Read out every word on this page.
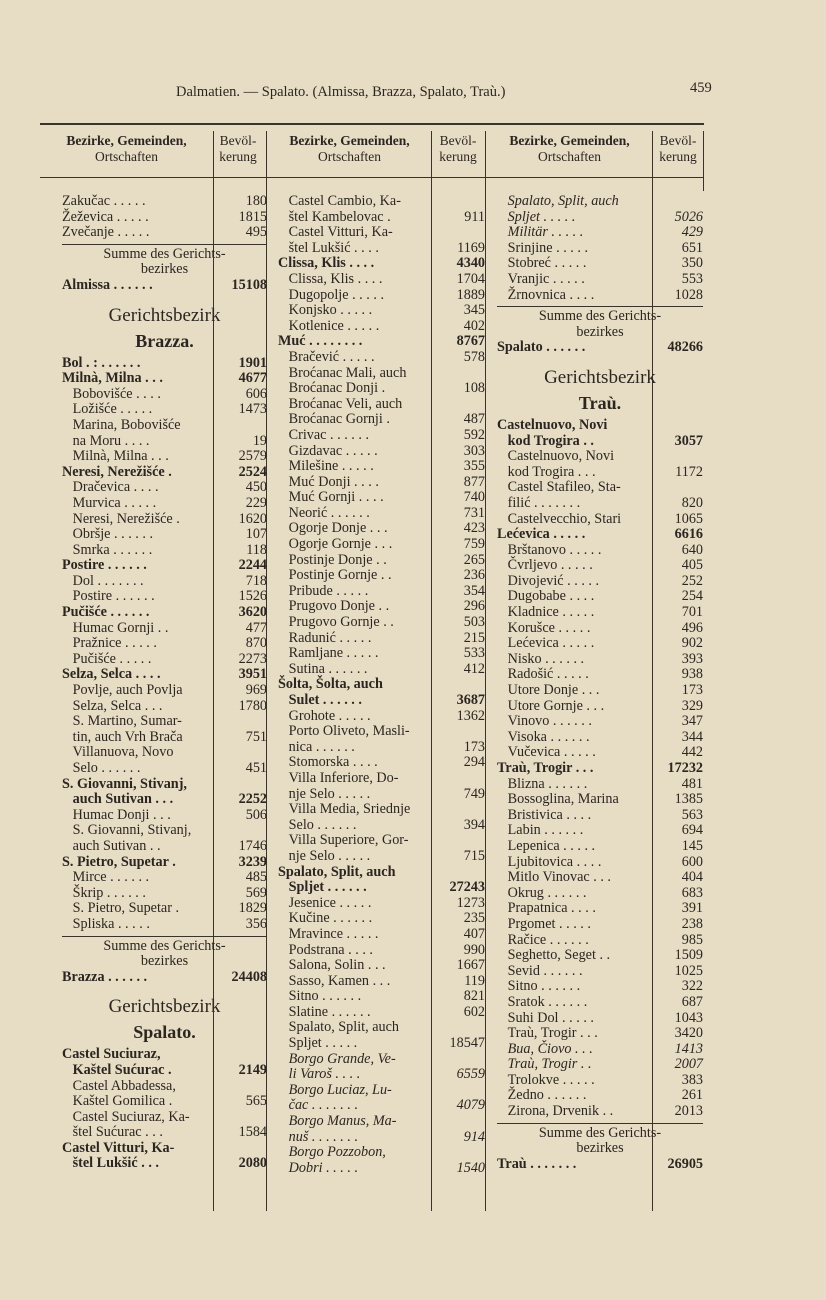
Dalmatien. — Spalato. (Almissa, Brazza, Spalato, Traù.)	459
Bezirke, Gemeinden,
Ortschaften
Bevöl-
kerung
Bezirke, Gemeinden,
Ortschaften
Bevöl-
kerung
Bezirke, Gemeinden,
Ortschaften
Bevöl-
kerung
Zakučac . . . . .	180
Žeževica . . . . .	1815
Zvečanje . . . . .	495
Summe des Gerichts-
bezirkes
Almissa . . . . . .	15108
Gerichtsbezirk
Brazza.
Bol . : . . . . . .	1901
Milnà, Milna . . .	4677
Bobovišće . . . .	606
Ložišće . . . . .	1473
Marina, Bobovišće
na Moru . . . .	19
Milnà, Milna . . .	2579
Neresi, Nerežišće .	2524
Dračevica . . . .	450
Murvica . . . . .	229
Neresi, Nerežišće .	1620
Obršje . . . . . .	107
Smrka . . . . . .	118
Postire . . . . . .	2244
Dol . . . . . . .	718
Postire . . . . . .	1526
Pučišće . . . . . .	3620
Humac Gornji . .	477
Pražnice . . . . .	870
Pučišće . . . . .	2273
Selza, Selca . . . .	3951
Povlje, auch Povlja	969
Selza, Selca . . .	1780
S. Martino, Sumar-
tin, auch Vrh Brača	751
Villanuova, Novo
Selo . . . . . .	451
S. Giovanni, Stivanj,
auch Sutivan . . .	2252
Humac Donji . . .	506
S. Giovanni, Stivanj,
auch Sutivan . .	1746
S. Pietro, Supetar .	3239
Mirce . . . . . .	485
Škrip . . . . . .	569
S. Pietro, Supetar .	1829
Spliska . . . . .	356
Summe des Gerichts-
bezirkes
Brazza . . . . . .	24408
Gerichtsbezirk
Spalato.
Castel Suciuraz,
Kaštel Sućurac .	2149
Castel Abbadessa,
Kaštel Gomilica .	565
Castel Suciuraz, Ka-
štel Sućurac . . .	1584
Castel Vitturi, Ka-
štel Lukšić . . .	2080
Castel Cambio, Ka-
štel Kambelovac .	911
Castel Vitturi, Ka-
štel Lukšić . . . .	1169
Clissa, Klis . . . .	4340
Clissa, Klis . . . .	1704
Dugopolje . . . . .	1889
Konjsko . . . . .	345
Kotlenice . . . . .	402
Muć . . . . . . . .	8767
Bračević . . . . .	578
Broćanac Mali, auch
Broćanac Donji .	108
Broćanac Veli, auch
Broćanac Gornji .	487
Crivac . . . . . .	592
Gizdavac . . . . .	303
Milešine . . . . .	355
Muć Donji . . . .	877
Muć Gornji . . . .	740
Neorić . . . . . .	731
Ogorje Donje . . .	423
Ogorje Gornje . . .	759
Postinje Donje . .	265
Postinje Gornje . .	236
Pribude . . . . .	354
Prugovo Donje . .	296
Prugovo Gornje . .	503
Radunić . . . . .	215
Ramljane . . . . .	533
Sutina . . . . . .	412
Šolta, Šolta, auch
Sulet . . . . . .	3687
Grohote . . . . .	1362
Porto Oliveto, Masli-
nica . . . . . .	173
Stomorska . . . .	294
Villa Inferiore, Do-
nje Selo . . . . .	749
Villa Media, Sriednje
Selo . . . . . .	394
Villa Superiore, Gor-
nje Selo . . . . .	715
Spalato, Split, auch
Spljet . . . . . .	27243
Jesenice . . . . .	1273
Kučine . . . . . .	235
Mravince . . . . .	407
Podstrana . . . .	990
Salona, Solin . . .	1667
Sasso, Kamen . . .	119
Sitno . . . . . .	821
Slatine . . . . . .	602
Spalato, Split, auch
Spljet . . . . .	18547
Borgo Grande, Ve-
li Varoš . . . .	6559
Borgo Luciaz, Lu-
čac . . . . . . .	4079
Borgo Manus, Ma-
nuš . . . . . . .	914
Borgo Pozzobon,
Dobri . . . . .	1540
Spalato, Split, auch
Spljet . . . . .	5026
Militär . . . . .	429
Srinjine . . . . .	651
Stobreć . . . . .	350
Vranjic . . . . .	553
Žrnovnica . . . .	1028
Summe des Gerichts-
bezirkes
Spalato . . . . . .	48266
Gerichtsbezirk
Traù.
Castelnuovo, Novi
kod Trogira . .	3057
Castelnuovo, Novi
kod Trogira . . .	1172
Castel Stafileo, Sta-
filić . . . . . . .	820
Castelvecchio, Stari	1065
Lećevica . . . . .	6616
Brštanovo . . . . .	640
Čvrljevo . . . . .	405
Divojević . . . . .	252
Dugobabe . . . .	254
Kladnice . . . . .	701
Korušce . . . . .	496
Lećevica . . . . .	902
Nisko . . . . . .	393
Radošić . . . . .	938
Utore Donje . . .	173
Utore Gornje . . .	329
Vinovo . . . . . .	347
Visoka . . . . . .	344
Vučevica . . . . .	442
Traù, Trogir . . .	17232
Blizna . . . . . .	481
Bossoglina, Marina	1385
Bristivica . . . .	563
Labin . . . . . .	694
Lepenica . . . . .	145
Ljubitovica . . . .	600
Mitlo Vinovac . . .	404
Okrug . . . . . .	683
Prapatnica . . . .	391
Prgomet . . . . .	238
Račice . . . . . .	985
Seghetto, Seget . .	1509
Sevid . . . . . .	1025
Sitno . . . . . .	322
Sratok . . . . . .	687
Suhi Dol . . . . .	1043
Traù, Trogir . . .	3420
Bua, Čiovo . . .	1413
Traù, Trogir . .	2007
Trolokve . . . . .	383
Žedno . . . . . .	261
Zirona, Drvenik . .	2013
Summe des Gerichts-
bezirkes
Traù . . . . . . .	26905
